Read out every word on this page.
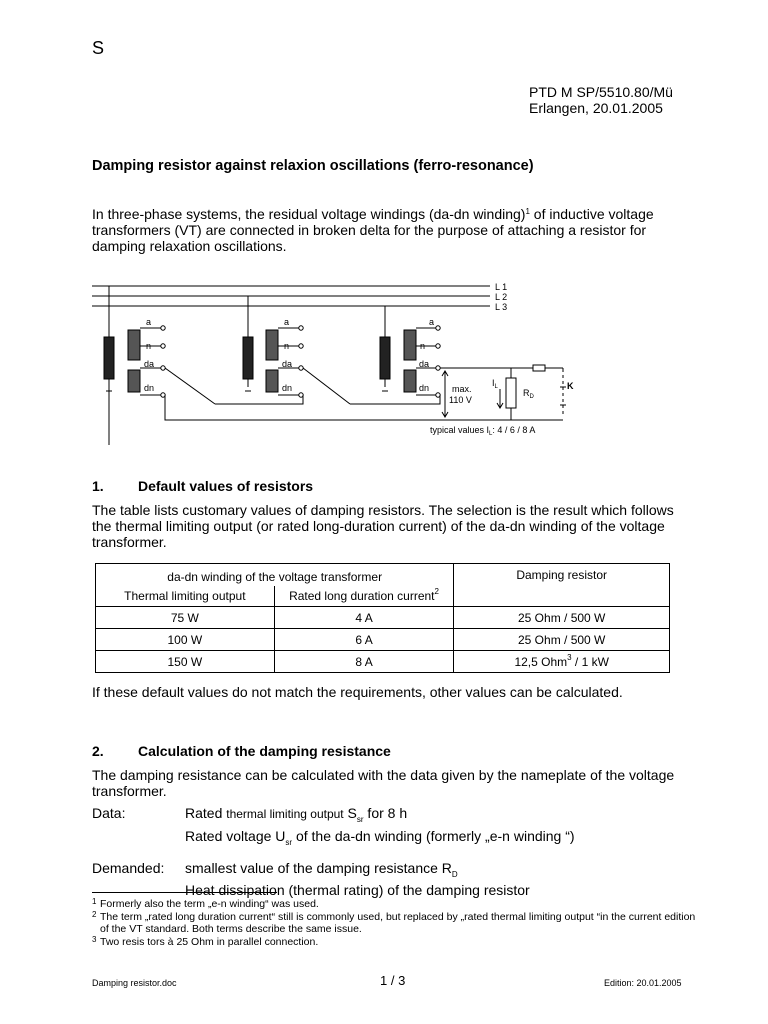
S
PTD M SP/5510.80/Mü
Erlangen, 20.01.2005
Damping resistor against relaxion oscillations (ferro-resonance)
In three-phase systems, the residual voltage windings (da-dn winding)$^1$ of inductive voltage transformers (VT) are connected in broken delta for the purpose of attaching a resistor for damping relaxation oscillations.
L 1
L 2
L 3
a
n
da
dn
a
n
da
dn
a
n
da
dn	max.
110 V
$I_L$
$R_D$
K
typical values $I_L$: 4 / 6 / 8 A
1. Default values of resistors
The table lists customary values of damping resistors. The selection is the result which follows the thermal limiting output (or rated long-duration current) of the da-dn winding of the voltage transformer.
da-dn winding of the voltage transformer		Damping resistor
Thermal limiting output	Rated long duration current$^2$
75 W	4 A	25 Ohm / 500 W
100 W	6 A	25 Ohm / 500 W
150 W	8 A	12,5 Ohm$^3$ / 1 kW
If these default values do not match the requirements, other values can be calculated.
2. Calculation of the damping resistance
The damping resistance can be calculated with the data given by the nameplate of the voltage transformer.
Data:	Rated thermal limiting output $S_{sr}$ for 8 h
Rated voltage $U_{sr}$ of the da-dn winding (formerly „e-n winding “)
Demanded:	smallest value of the damping resistance $R_D$
Heat dissipation (thermal rating) of the damping resistor
$^1$ Formerly also the term „e-n winding“ was used.
$^2$ The term „rated long duration current“ still is commonly used, but replaced by „rated thermal limiting output “in the current edition of the VT standard. Both terms describe the same issue.
$^3$ Two resis tors à 25 Ohm in parallel connection.
Damping resistor.doc	1 / 3	Edition: 20.01.2005
